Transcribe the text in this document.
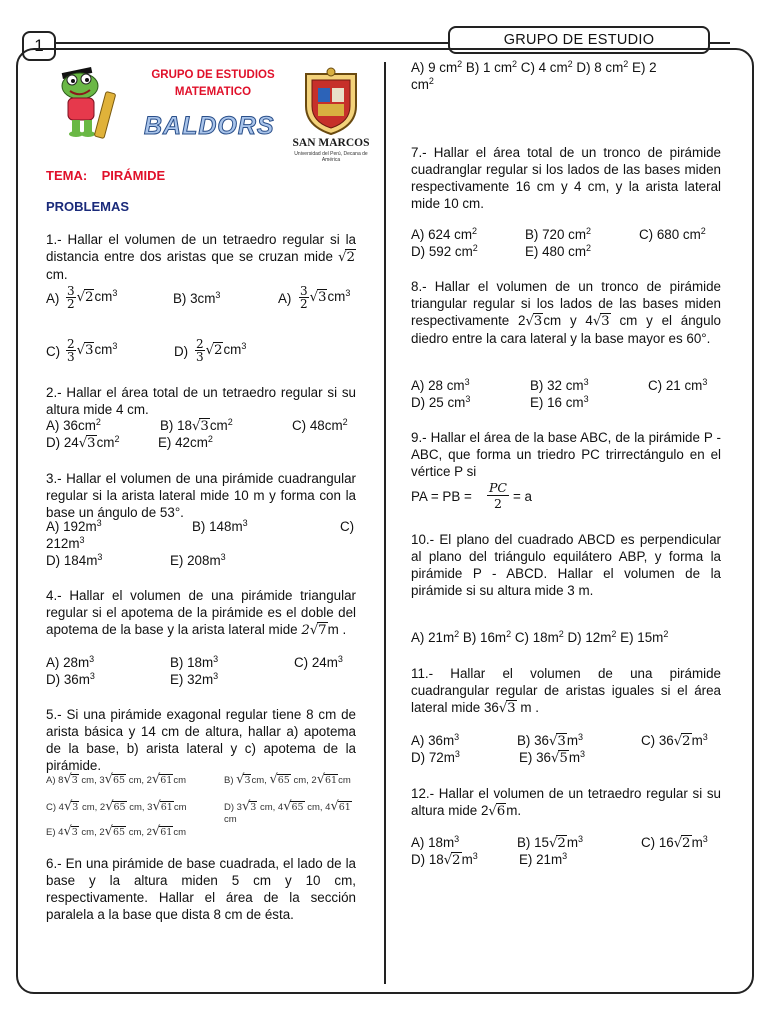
1	GRUPO DE ESTUDIO
GRUPO DE ESTUDIOS
MATEMATICO
BALDORS
SAN MARCOS
Universidad del Perú, Decana de América
TEMA: PIRÁMIDE
PROBLEMAS

1.- Hallar el volumen de un tetraedro regular si la distancia entre dos aristas que se cruzan mide √2cm.

$A) \frac{3}{2} √2cm^3$	B) $3cm^3$	$A) \frac{3}{2} √3cm^3$
$C) \frac{2}{3} √3cm^3$	$D) \frac{2}{3} √2cm^3$

2.- Hallar el área total de un tetraedro regular si su altura mide 4 cm.

A) $36cm^2$	B) $18√3cm^2$	C) $48cm^2$
D) $24√3cm^2$	E) $42cm^2$

3.- Hallar el volumen de una pirámide cuadrangular regular si la arista lateral mide 10 m y forma con la base un ángulo de 53°.

A) $192m^3$	B) $148m^3$	C)
$212m^3$
D) $184m^3$	E) $208m^3$

4.- Hallar el volumen de una pirámide triangular regular si el apotema de la pirámide es el doble del apotema de la base y la arista lateral mide 2√7m .

A) $28m^3$	B) $18m^3$	C) $24m^3$
D) $36m^3$	E) $32m^3$

5.- Si una pirámide exagonal regular tiene 8 cm de arista básica y 14 cm de altura, hallar a) apotema de la base, b) arista lateral y c) apotema de la pirámide.

A) 8√3 cm, 3√65 cm, 2√61cm	B) √3cm, √65 cm, 2√61cm
C) 4√3 cm, 2√65 cm, 3√61cm	D) 3√3 cm, 4√65 cm, 4√61 cm
E) 4√3 cm, 2√65 cm, 2√61cm

6.- En una pirámide de base cuadrada, el lado de la base y la altura miden 5 cm y 10 cm, respectivamente. Hallar el área de la sección paralela a la base que dista 8 cm de ésta.

A) 9 $cm^2$ B) 1 $cm^2$ C) 4 $cm^2$ D) 8 $cm^2$ E) 2
$cm^2$

7.- Hallar el área total de un tronco de pirámide cuadranglar regular si los lados de las bases miden respectivamente 16 cm y 4 cm, y la arista lateral mide 10 cm.

A) 624 $cm^2$	B) 720 $cm^2$	C) 680 $cm^2$
D) 592 $cm^2$	E) 480 $cm^2$

8.- Hallar el volumen de un tronco de pirámide triangular regular si los lados de las bases miden respectivamente 2√3cm y 4√3 cm y el ángulo diedro entre la cara lateral y la base mayor es 60°.

A) 28 $cm^3$	B) 32 $cm^3$	C) 21 $cm^3$
D) 25 $cm^3$	E) 16 $cm^3$

9.- Hallar el área de la base ABC, de la pirámide P - ABC, que forma un triedro PC trirrectángulo en el vértice P si

PA = PB =
PC
2 = a

10.- El plano del cuadrado ABCD es perpendicular al plano del triángulo equilátero ABP, y forma la pirámide P - ABCD. Hallar el volumen de la pirámide si su altura mide 3 m.

A) $21m^2$ B) $16m^2$ C) $18m^2$ D) $12m^2$ E) $15m^2$

11.- Hallar el volumen de una pirámide cuadrangular regular de aristas iguales si el área lateral mide 36√3 m .

A) $36m^3$	B) $36√3m^3$	C) $36√2m^3$
D) $72m^3$	E) $36√5m^3$

12.- Hallar el volumen de un tetraedro regular si su altura mide 2√6m.

A) $18m^3$	B) $15√2m^3$	C) $16√2m^3$
D) $18√2m^3$	E) $21m^3$
